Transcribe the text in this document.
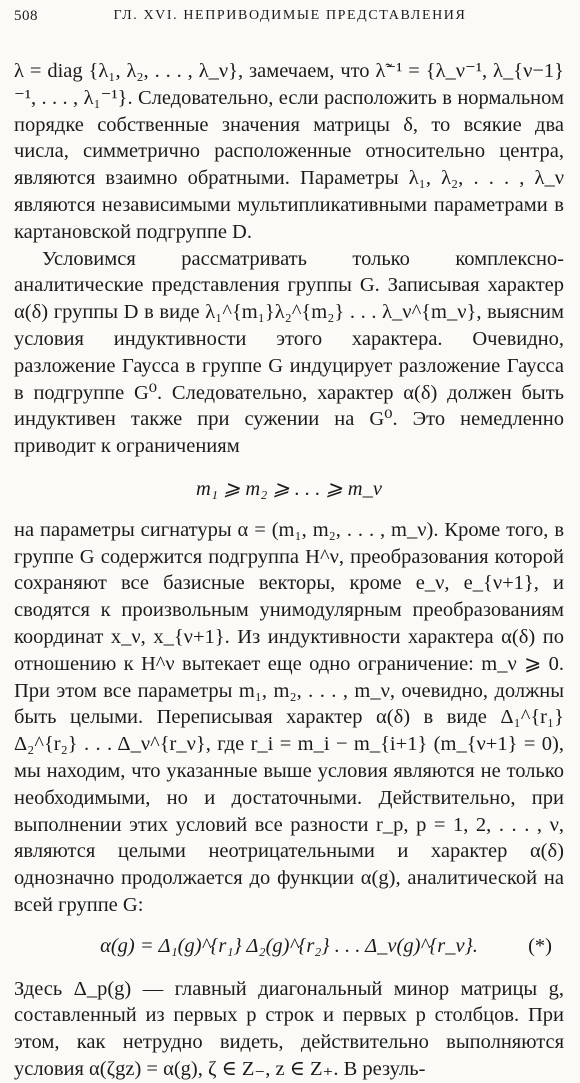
508	ГЛ. XVI. НЕПРИВОДИМЫЕ ПРЕДСТАВЛЕНИЯ

λ = diag {λ₁, λ₂, . . . , λ_ν}, замечаем, что λ̃⁻¹ = {λ_ν⁻¹, λ_{ν−1}⁻¹, . . . , λ₁⁻¹}. Следовательно, если расположить в нормальном порядке собственные значения матрицы δ, то всякие два числа, симметрично расположенные относительно центра, являются взаимно обратными. Параметры λ₁, λ₂, . . . , λ_ν являются независимыми мультипликативными параметрами в картановской подгруппе D.

Условимся рассматривать только комплексно-аналитические представления группы G. Записывая характер α(δ) группы D в виде λ₁^{m₁}λ₂^{m₂} . . . λ_ν^{m_ν}, выясним условия индуктивности этого характера. Очевидно, разложение Гаусса в группе G индуцирует разложение Гаусса в подгруппе G⁰. Следовательно, характер α(δ) должен быть индуктивен также при сужении на G⁰. Это немедленно приводит к ограничениям

m₁ ⩾ m₂ ⩾ . . . ⩾ m_ν

на параметры сигнатуры α = (m₁, m₂, . . . , m_ν). Кроме того, в группе G содержится подгруппа H^ν, преобразования которой сохраняют все базисные векторы, кроме e_ν, e_{ν+1}, и сводятся к произвольным унимодулярным преобразованиям координат x_ν, x_{ν+1}. Из индуктивности характера α(δ) по отношению к H^ν вытекает еще одно ограничение: m_ν ⩾ 0. При этом все параметры m₁, m₂, . . . , m_ν, очевидно, должны быть целыми. Переписывая характер α(δ) в виде Δ₁^{r₁}Δ₂^{r₂} . . . Δ_ν^{r_ν}, где r_i = m_i − m_{i+1} (m_{ν+1} = 0), мы находим, что указанные выше условия являются не только необходимыми, но и достаточными. Действительно, при выполнении этих условий все разности r_p, p = 1, 2, . . . , ν, являются целыми неотрицательными и характер α(δ) однозначно продолжается до функции α(g), аналитической на всей группе G:

α(g) = Δ₁(g)^{r₁} Δ₂(g)^{r₂} . . . Δ_ν(g)^{r_ν}. (*)

Здесь Δ_p(g) — главный диагональный минор матрицы g, составленный из первых p строк и первых p столбцов. При этом, как нетрудно видеть, действительно выполняются условия α(ζgz) = α(g), ζ ∈ Z₋, z ∈ Z₊. В резуль-
